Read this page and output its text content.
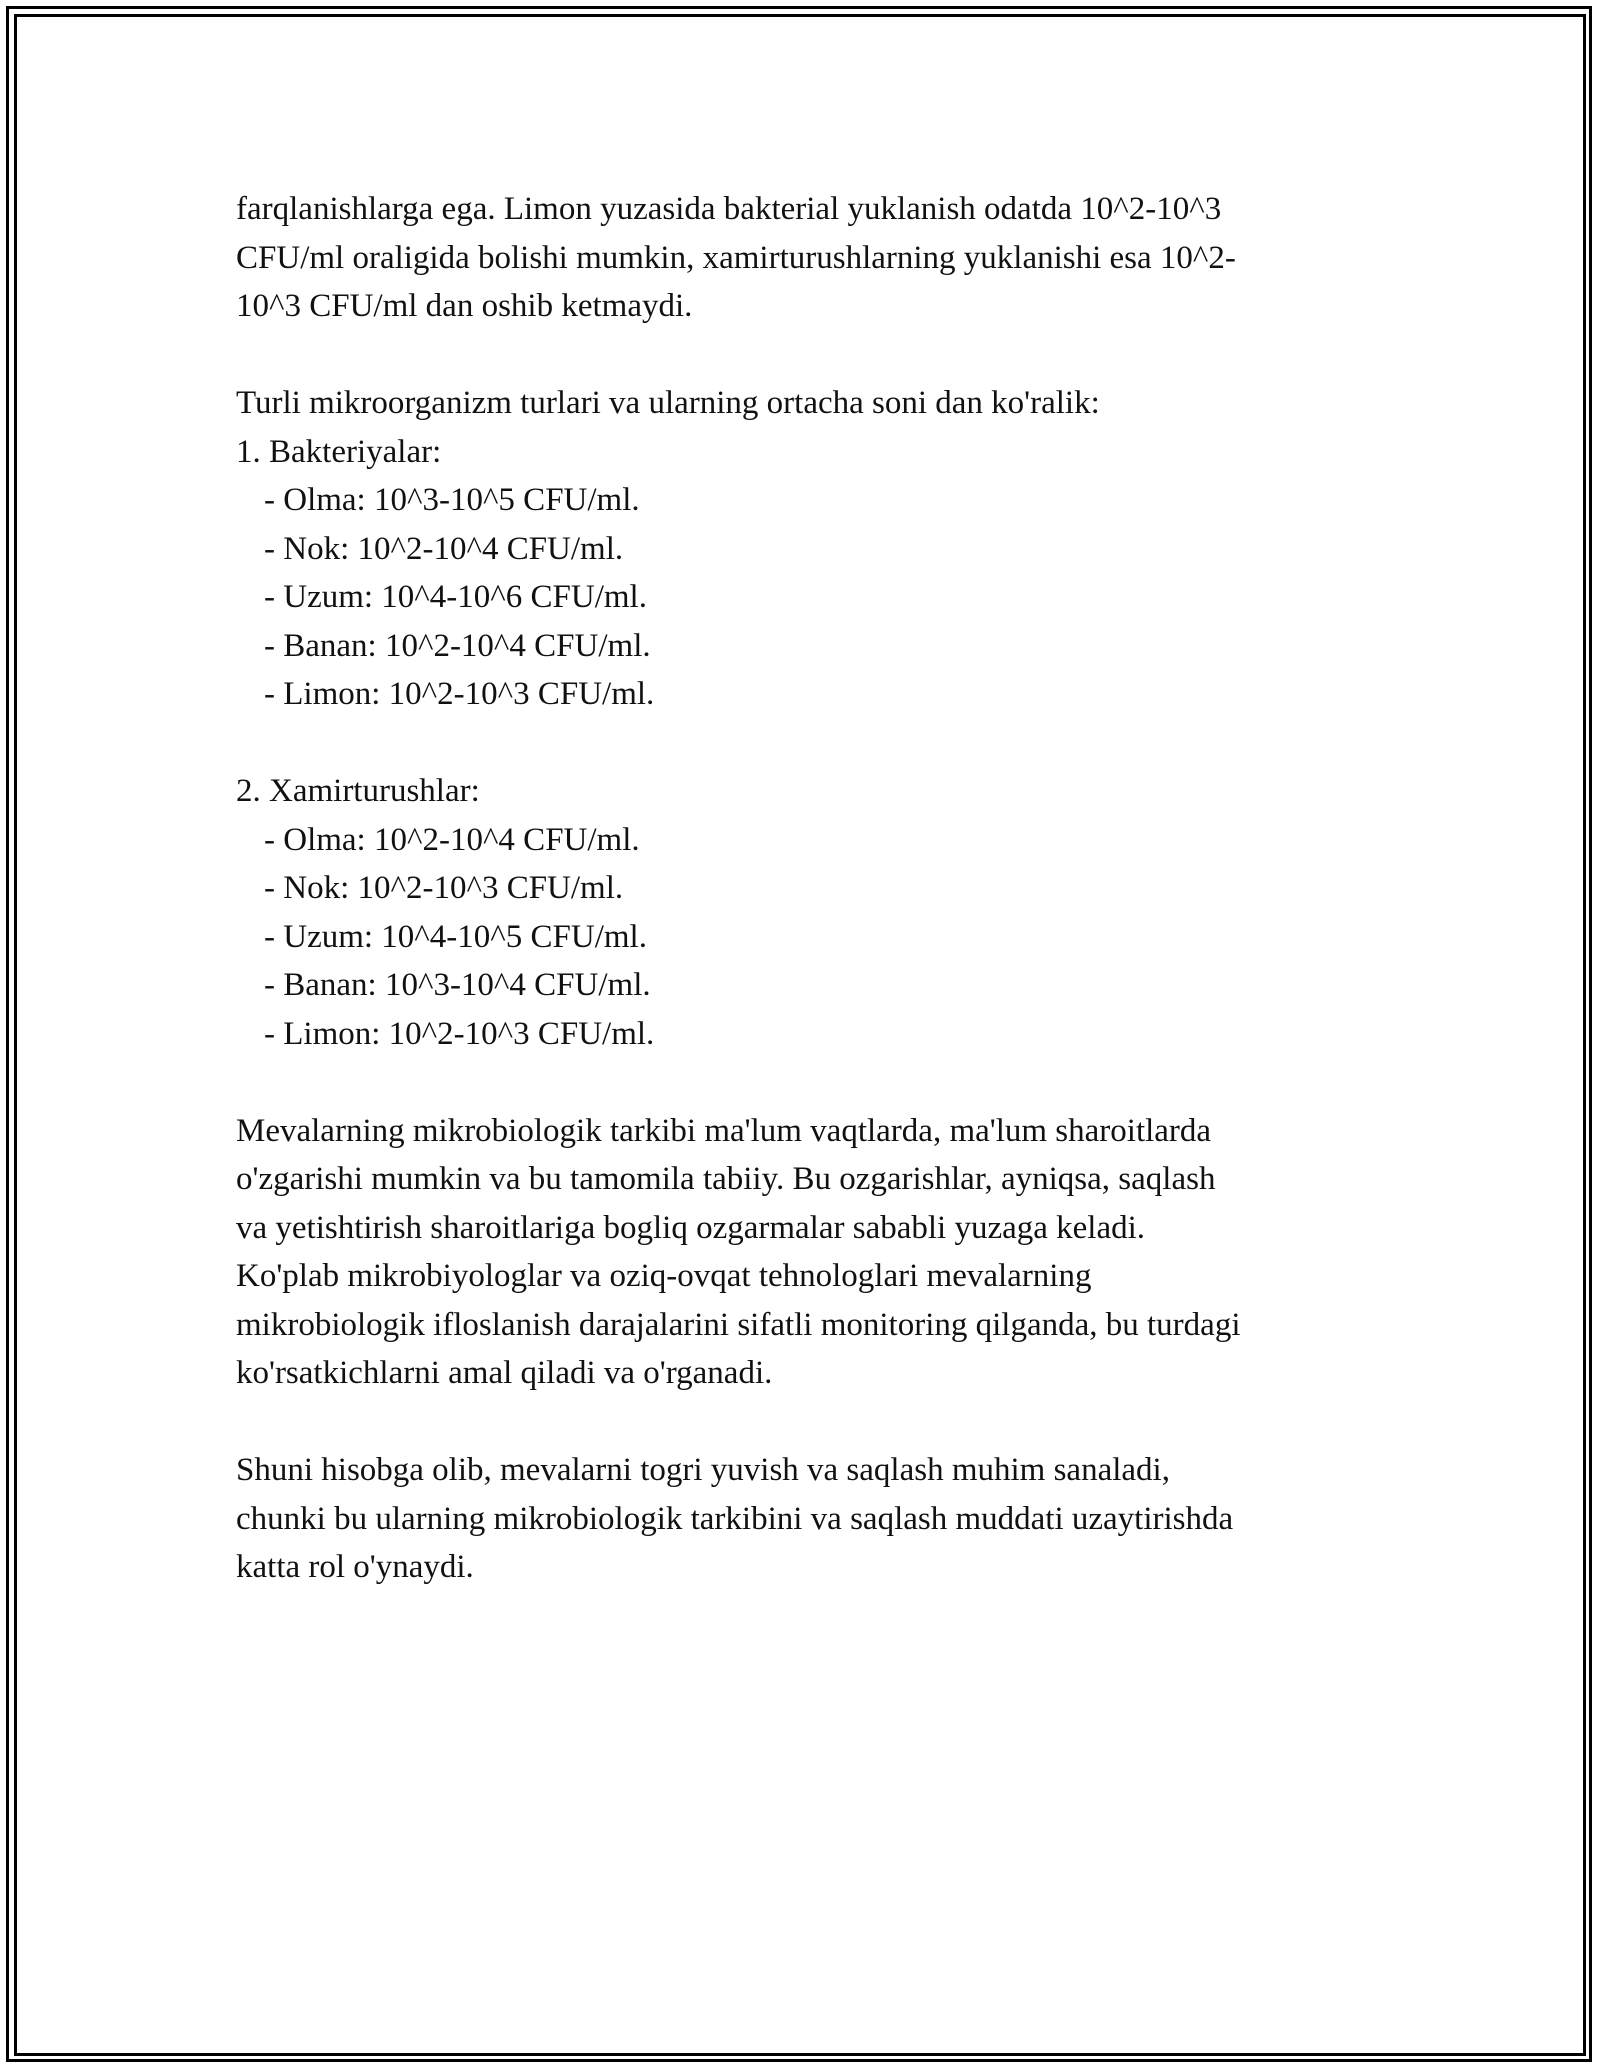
farqlanishlarga ega. Limon yuzasida bakterial yuklanish odatda 10^2-10^3

CFU/ml oraligida bolishi mumkin, xamirturushlarning yuklanishi esa 10^2-

10^3 CFU/ml dan oshib ketmaydi.

Turli mikroorganizm turlari va ularning ortacha soni dan ko'ralik:

1. Bakteriyalar:

- Olma: 10^3-10^5 CFU/ml.

- Nok: 10^2-10^4 CFU/ml.

- Uzum: 10^4-10^6 CFU/ml.

- Banan: 10^2-10^4 CFU/ml.

- Limon: 10^2-10^3 CFU/ml.

2. Xamirturushlar:

- Olma: 10^2-10^4 CFU/ml.

- Nok: 10^2-10^3 CFU/ml.

- Uzum: 10^4-10^5 CFU/ml.

- Banan: 10^3-10^4 CFU/ml.

- Limon: 10^2-10^3 CFU/ml.

Mevalarning mikrobiologik tarkibi ma'lum vaqtlarda, ma'lum sharoitlarda

o'zgarishi mumkin va bu tamomila tabiiy. Bu ozgarishlar, ayniqsa, saqlash

va yetishtirish sharoitlariga bogliq ozgarmalar sababli yuzaga keladi.

Ko'plab mikrobiyologlar va oziq-ovqat tehnologlari mevalarning

mikrobiologik ifloslanish darajalarini sifatli monitoring qilganda, bu turdagi

ko'rsatkichlarni amal qiladi va o'rganadi.

Shuni hisobga olib, mevalarni togri yuvish va saqlash muhim sanaladi,

chunki bu ularning mikrobiologik tarkibini va saqlash muddati uzaytirishda

katta rol o'ynaydi.
